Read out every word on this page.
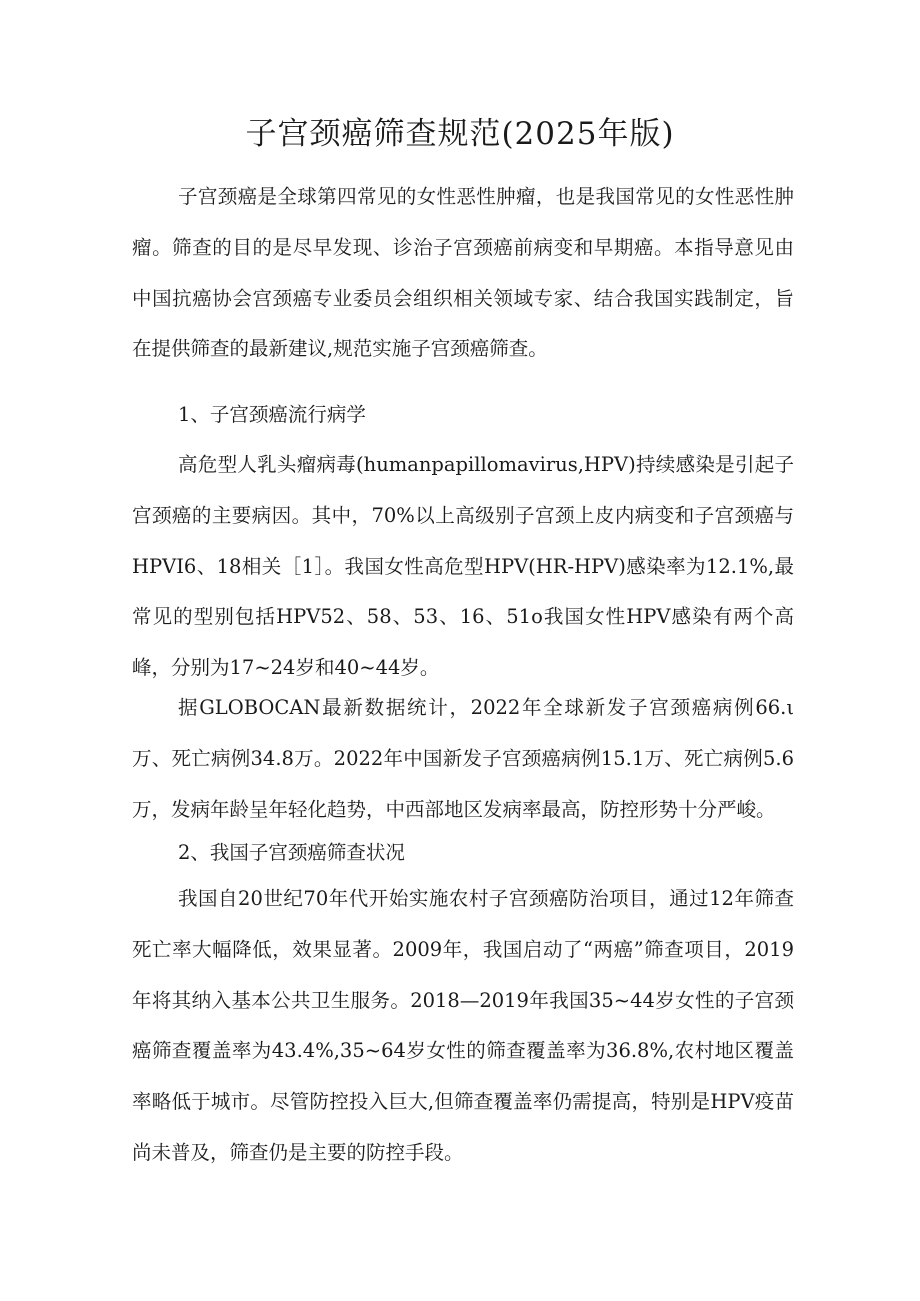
子宫颈癌筛查规范(2025年版)

子宫颈癌是全球第四常见的女性恶性肿瘤，也是我国常见的女性恶性肿瘤。筛查的目的是尽早发现、诊治子宫颈癌前病变和早期癌。本指导意见由中国抗癌协会宫颈癌专业委员会组织相关领域专家、结合我国实践制定，旨在提供筛查的最新建议,规范实施子宫颈癌筛查。

1、子宫颈癌流行病学

高危型人乳头瘤病毒(humanpapillomavirus,HPV)持续感染是引起子宫颈癌的主要病因。其中，70%以上高级别子宫颈上皮内病变和子宫颈癌与HPVI6、18相关［1］。我国女性高危型HPV(HR-HPV)感染率为12.1%,最常见的型别包括HPV52、58、53、16、51o我国女性HPV感染有两个高峰，分别为17~24岁和40~44岁。

据GLOBOCAN最新数据统计，2022年全球新发子宫颈癌病例66.ι万、死亡病例34.8万。2022年中国新发子宫颈癌病例15.1万、死亡病例5.6万，发病年龄呈年轻化趋势，中西部地区发病率最高，防控形势十分严峻。

2、我国子宫颈癌筛查状况

我国自20世纪70年代开始实施农村子宫颈癌防治项目，通过12年筛查死亡率大幅降低，效果显著。2009年，我国启动了“两癌”筛查项目，2019年将其纳入基本公共卫生服务。2018—2019年我国35~44岁女性的子宫颈癌筛查覆盖率为43.4%,35~64岁女性的筛查覆盖率为36.8%,农村地区覆盖率略低于城市。尽管防控投入巨大,但筛查覆盖率仍需提高，特别是HPV疫苗尚未普及，筛查仍是主要的防控手段。
